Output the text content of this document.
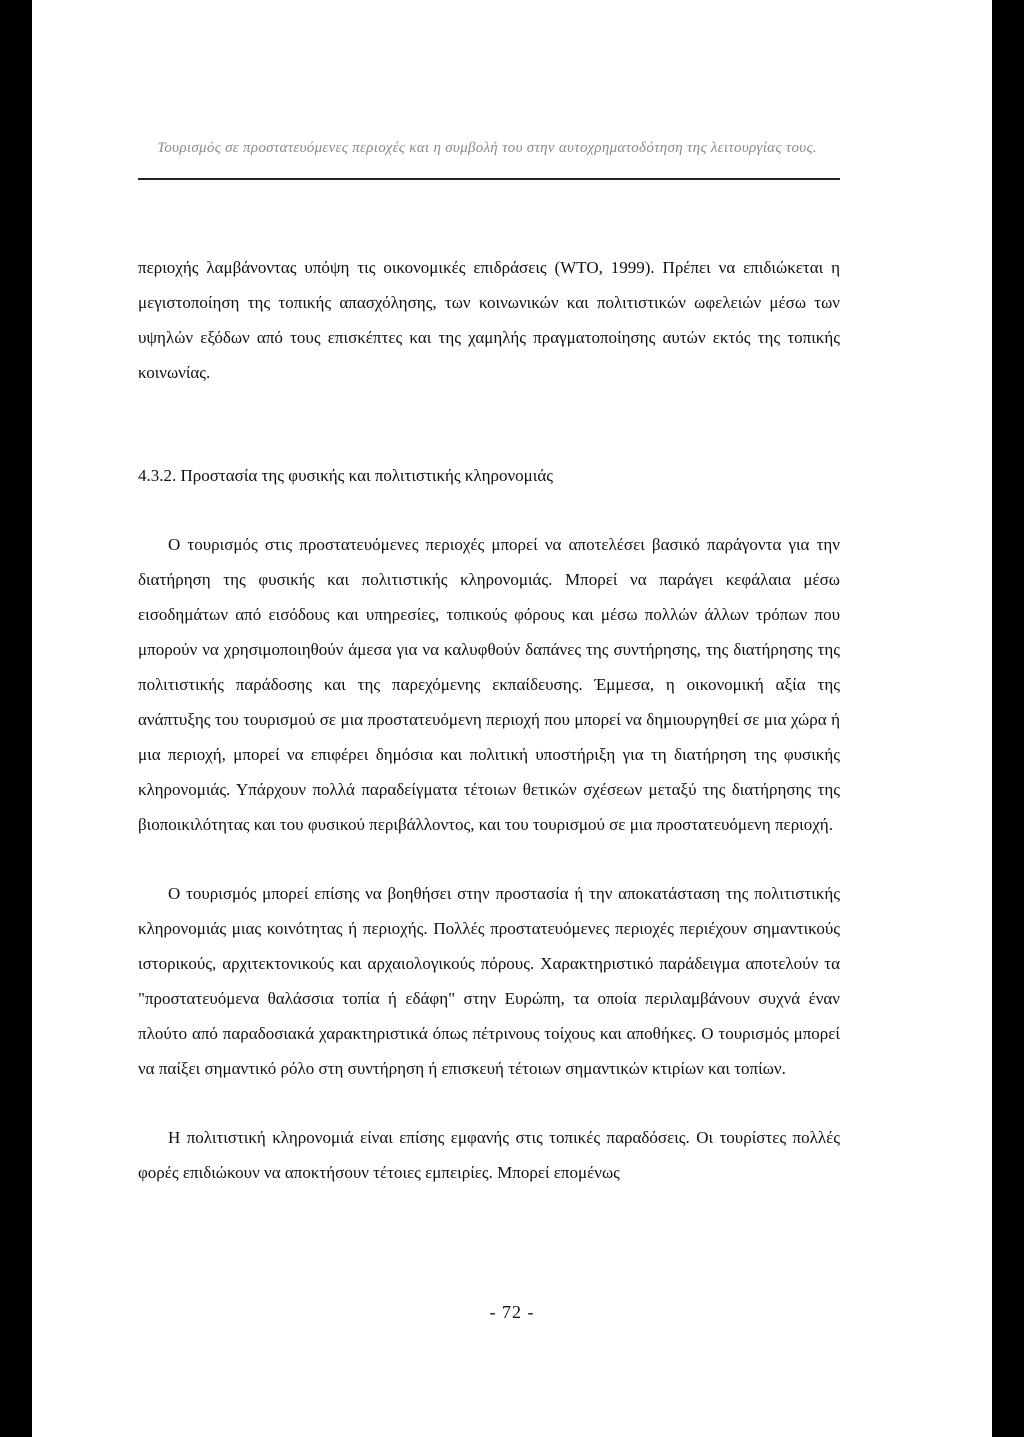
Τουρισμός σε προστατευόμενες περιοχές και η συμβολή του στην αυτοχρηματοδότηση της λειτουργίας τους.

περιοχής λαμβάνοντας υπόψη τις οικονομικές επιδράσεις (WTO, 1999). Πρέπει να επιδιώκεται η μεγιστοποίηση της τοπικής απασχόλησης, των κοινωνικών και πολιτιστικών ωφελειών μέσω των υψηλών εξόδων από τους επισκέπτες και της χαμηλής πραγματοποίησης αυτών εκτός της τοπικής κοινωνίας.

4.3.2. Προστασία της φυσικής και πολιτιστικής κληρονομιάς

Ο τουρισμός στις προστατευόμενες περιοχές μπορεί να αποτελέσει βασικό παράγοντα για την διατήρηση της φυσικής και πολιτιστικής κληρονομιάς. Μπορεί να παράγει κεφάλαια μέσω εισοδημάτων από εισόδους και υπηρεσίες, τοπικούς φόρους και μέσω πολλών άλλων τρόπων που μπορούν να χρησιμοποιηθούν άμεσα για να καλυφθούν δαπάνες της συντήρησης, της διατήρησης της πολιτιστικής παράδοσης και της παρεχόμενης εκπαίδευσης. Έμμεσα, η οικονομική αξία της ανάπτυξης του τουρισμού σε μια προστατευόμενη περιοχή που μπορεί να δημιουργηθεί σε μια χώρα ή μια περιοχή, μπορεί να επιφέρει δημόσια και πολιτική υποστήριξη για τη διατήρηση της φυσικής κληρονομιάς. Υπάρχουν πολλά παραδείγματα τέτοιων θετικών σχέσεων μεταξύ της διατήρησης της βιοποικιλότητας και του φυσικού περιβάλλοντος, και του τουρισμού σε μια προστατευόμενη περιοχή.

Ο τουρισμός μπορεί επίσης να βοηθήσει στην προστασία ή την αποκατάσταση της πολιτιστικής κληρονομιάς μιας κοινότητας ή περιοχής. Πολλές προστατευόμενες περιοχές περιέχουν σημαντικούς ιστορικούς, αρχιτεκτονικούς και αρχαιολογικούς πόρους. Χαρακτηριστικό παράδειγμα αποτελούν τα "προστατευόμενα θαλάσσια τοπία ή εδάφη" στην Ευρώπη, τα οποία περιλαμβάνουν συχνά έναν πλούτο από παραδοσιακά χαρακτηριστικά όπως πέτρινους τοίχους και αποθήκες. Ο τουρισμός μπορεί να παίξει σημαντικό ρόλο στη συντήρηση ή επισκευή τέτοιων σημαντικών κτιρίων και τοπίων.

Η πολιτιστική κληρονομιά είναι επίσης εμφανής στις τοπικές παραδόσεις. Οι τουρίστες πολλές φορές επιδιώκουν να αποκτήσουν τέτοιες εμπειρίες. Μπορεί επομένως

- 72 -
